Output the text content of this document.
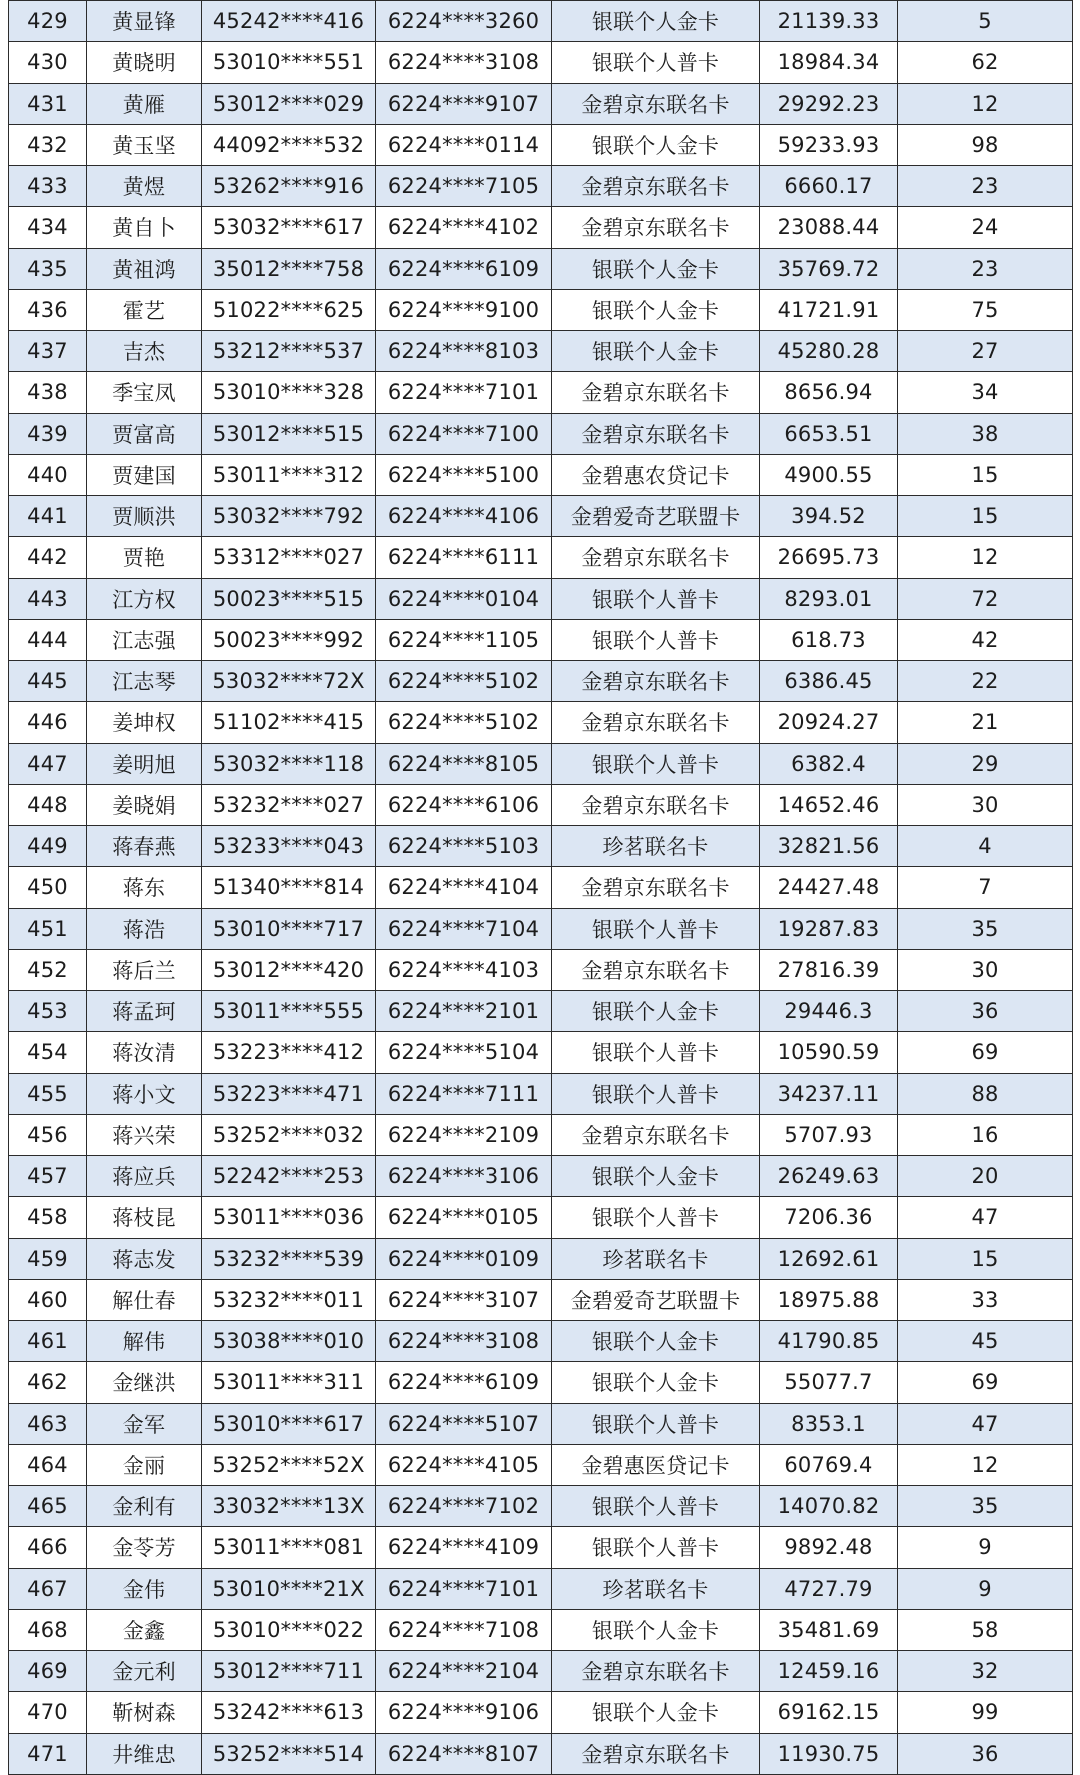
429	黄显锋	45242****416	6224****3260	银联个人金卡	21139.33	5
430	黄晓明	53010****551	6224****3108	银联个人普卡	18984.34	62
431	黄雁	53012****029	6224****9107	金碧京东联名卡	29292.23	12
432	黄玉坚	44092****532	6224****0114	银联个人金卡	59233.93	98
433	黄煜	53262****916	6224****7105	金碧京东联名卡	6660.17	23
434	黄自卜	53032****617	6224****4102	金碧京东联名卡	23088.44	24
435	黄祖鸿	35012****758	6224****6109	银联个人金卡	35769.72	23
436	霍艺	51022****625	6224****9100	银联个人金卡	41721.91	75
437	吉杰	53212****537	6224****8103	银联个人金卡	45280.28	27
438	季宝凤	53010****328	6224****7101	金碧京东联名卡	8656.94	34
439	贾富高	53012****515	6224****7100	金碧京东联名卡	6653.51	38
440	贾建国	53011****312	6224****5100	金碧惠农贷记卡	4900.55	15
441	贾顺洪	53032****792	6224****4106	金碧爱奇艺联盟卡	394.52	15
442	贾艳	53312****027	6224****6111	金碧京东联名卡	26695.73	12
443	江方权	50023****515	6224****0104	银联个人普卡	8293.01	72
444	江志强	50023****992	6224****1105	银联个人普卡	618.73	42
445	江志琴	53032****72X	6224****5102	金碧京东联名卡	6386.45	22
446	姜坤权	51102****415	6224****5102	金碧京东联名卡	20924.27	21
447	姜明旭	53032****118	6224****8105	银联个人普卡	6382.4	29
448	姜晓娟	53232****027	6224****6106	金碧京东联名卡	14652.46	30
449	蒋春燕	53233****043	6224****5103	珍茗联名卡	32821.56	4
450	蒋东	51340****814	6224****4104	金碧京东联名卡	24427.48	7
451	蒋浩	53010****717	6224****7104	银联个人普卡	19287.83	35
452	蒋后兰	53012****420	6224****4103	金碧京东联名卡	27816.39	30
453	蒋孟珂	53011****555	6224****2101	银联个人金卡	29446.3	36
454	蒋汝清	53223****412	6224****5104	银联个人普卡	10590.59	69
455	蒋小文	53223****471	6224****7111	银联个人普卡	34237.11	88
456	蒋兴荣	53252****032	6224****2109	金碧京东联名卡	5707.93	16
457	蒋应兵	52242****253	6224****3106	银联个人金卡	26249.63	20
458	蒋枝昆	53011****036	6224****0105	银联个人普卡	7206.36	47
459	蒋志发	53232****539	6224****0109	珍茗联名卡	12692.61	15
460	解仕春	53232****011	6224****3107	金碧爱奇艺联盟卡	18975.88	33
461	解伟	53038****010	6224****3108	银联个人金卡	41790.85	45
462	金继洪	53011****311	6224****6109	银联个人金卡	55077.7	69
463	金军	53010****617	6224****5107	银联个人普卡	8353.1	47
464	金丽	53252****52X	6224****4105	金碧惠医贷记卡	60769.4	12
465	金利有	33032****13X	6224****7102	银联个人普卡	14070.82	35
466	金苓芳	53011****081	6224****4109	银联个人普卡	9892.48	9
467	金伟	53010****21X	6224****7101	珍茗联名卡	4727.79	9
468	金鑫	53010****022	6224****7108	银联个人金卡	35481.69	58
469	金元利	53012****711	6224****2104	金碧京东联名卡	12459.16	32
470	靳树森	53242****613	6224****9106	银联个人金卡	69162.15	99
471	井维忠	53252****514	6224****8107	金碧京东联名卡	11930.75	36
